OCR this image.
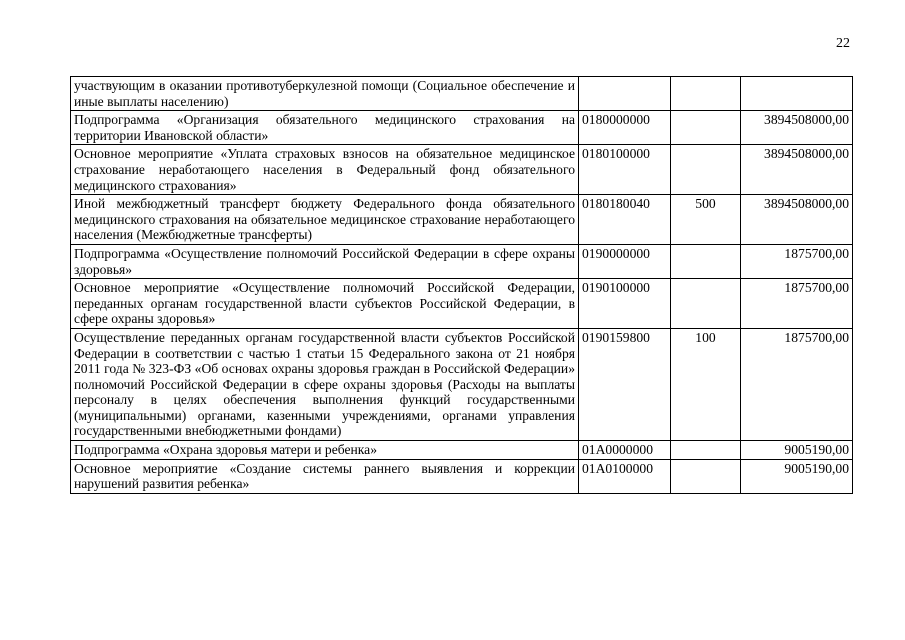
22
участвующим в оказании противотуберкулезной помощи (Социальное обеспечение и иные выплаты населению)			
Подпрограмма «Организация обязательного медицинского страхования на территории Ивановской области»	0180000000		3894508000,00
Основное мероприятие «Уплата страховых взносов на обязательное медицинское страхование неработающего населения в Федеральный фонд обязательного медицинского страхования»	0180100000		3894508000,00
Иной межбюджетный трансферт бюджету Федерального фонда обязательного медицинского страхования на обязательное медицинское страхование неработающего населения (Межбюджетные трансферты)	0180180040	500	3894508000,00
Подпрограмма «Осуществление полномочий Российской Федерации в сфере охраны здоровья»	0190000000		1875700,00
Основное мероприятие «Осуществление полномочий Российской Федерации, переданных органам государственной власти субъектов Российской Федерации, в сфере охраны здоровья»	0190100000		1875700,00
Осуществление переданных органам государственной власти субъектов Российской Федерации в соответствии с частью 1 статьи 15 Федерального закона от 21 ноября 2011 года № 323-ФЗ «Об основах охраны здоровья граждан в Российской Федерации» полномочий Российской Федерации в сфере охраны здоровья (Расходы на выплаты персоналу в целях обеспечения выполнения функций государственными (муниципальными) органами, казенными учреждениями, органами управления государственными внебюджетными фондами)	0190159800	100	1875700,00
Подпрограмма «Охрана здоровья матери и ребенка»	01А0000000		9005190,00
Основное мероприятие «Создание системы раннего выявления и коррекции нарушений развития ребенка»	01А0100000		9005190,00
